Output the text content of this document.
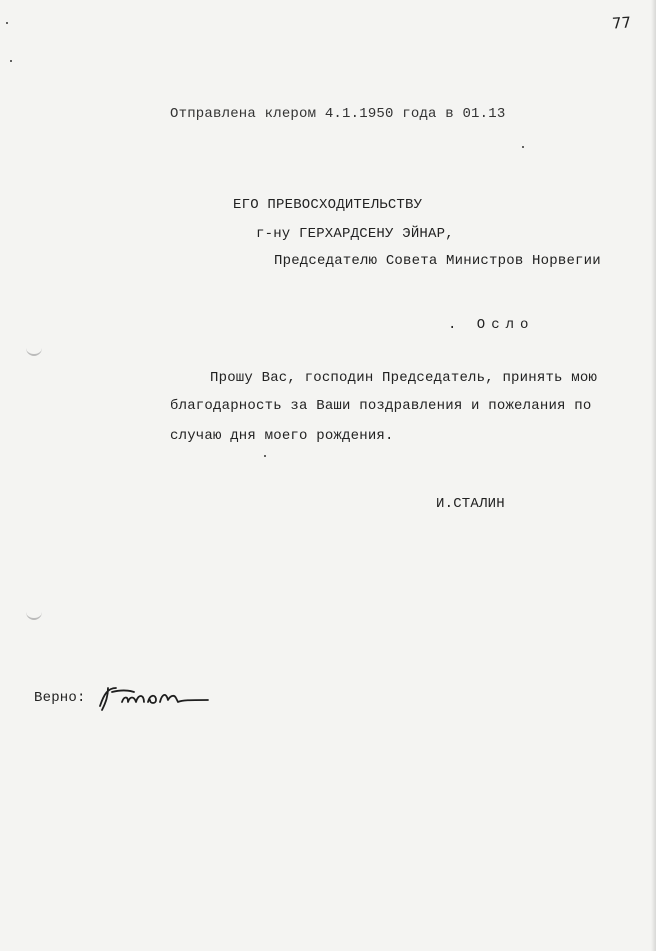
77
Отправлена клером 4.1.1950 года в 01.13
ЕГО ПРЕВОСХОДИТЕЛЬСТВУ
г-ну ГЕРХАРДСЕНУ ЭЙНАР,
Председателю Совета Министров Норвегии
. Осло
Прошу Вас, господин Председатель, принять мою
благодарность за Ваши поздравления и пожелания по
случаю дня моего рождения.
И.СТАЛИН
Верно:
